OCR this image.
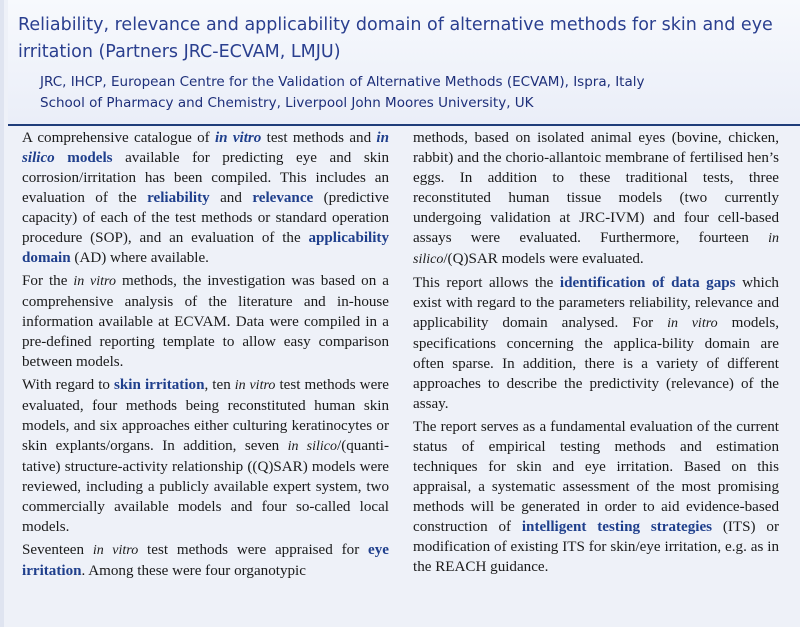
Reliability, relevance and applicability domain of alternative methods for skin and eye irritation (Partners JRC-ECVAM, LMJU)

JRC, IHCP, European Centre for the Validation of Alternative Methods (ECVAM), Ispra, Italy

School of Pharmacy and Chemistry, Liverpool John Moores University, UK

A comprehensive catalogue of in vitro test methods and in silico models available for predicting eye and skin corrosion/irritation has been compiled. This includes an evaluation of the reliability and relevance (predictive capacity) of each of the test methods or standard operation procedure (SOP), and an evaluation of the applicability domain (AD) where available.

For the in vitro methods, the investigation was based on a comprehensive analysis of the literature and in-house information available at ECVAM. Data were compiled in a pre-defined reporting template to allow easy comparison between models.

With regard to skin irritation, ten in vitro test methods were evaluated, four methods being reconstituted human skin models, and six approaches either culturing keratinocytes or skin explants/organs. In addition, seven in silico/(quanti-tative) structure-activity relationship ((Q)SAR) models were reviewed, including a publicly available expert system, two commercially available models and four so-called local models.

Seventeen in vitro test methods were appraised for eye irritation. Among these were four organotypic

methods, based on isolated animal eyes (bovine, chicken, rabbit) and the chorio-allantoic membrane of fertilised hen’s eggs. In addition to these traditional tests, three reconstituted human tissue models (two currently undergoing validation at JRC-IVM) and four cell-based assays were evaluated. Furthermore, fourteen in silico/(Q)SAR models were evaluated.

This report allows the identification of data gaps which exist with regard to the parameters reliability, relevance and applicability domain analysed. For in vitro models, specifications concerning the applica-bility domain are often sparse. In addition, there is a variety of different approaches to describe the predictivity (relevance) of the assay.

The report serves as a fundamental evaluation of the current status of empirical testing methods and estimation techniques for skin and eye irritation. Based on this appraisal, a systematic assessment of the most promising methods will be generated in order to aid evidence-based construction of intelligent testing strategies (ITS) or modification of existing ITS for skin/eye irritation, e.g. as in the REACH guidance.
